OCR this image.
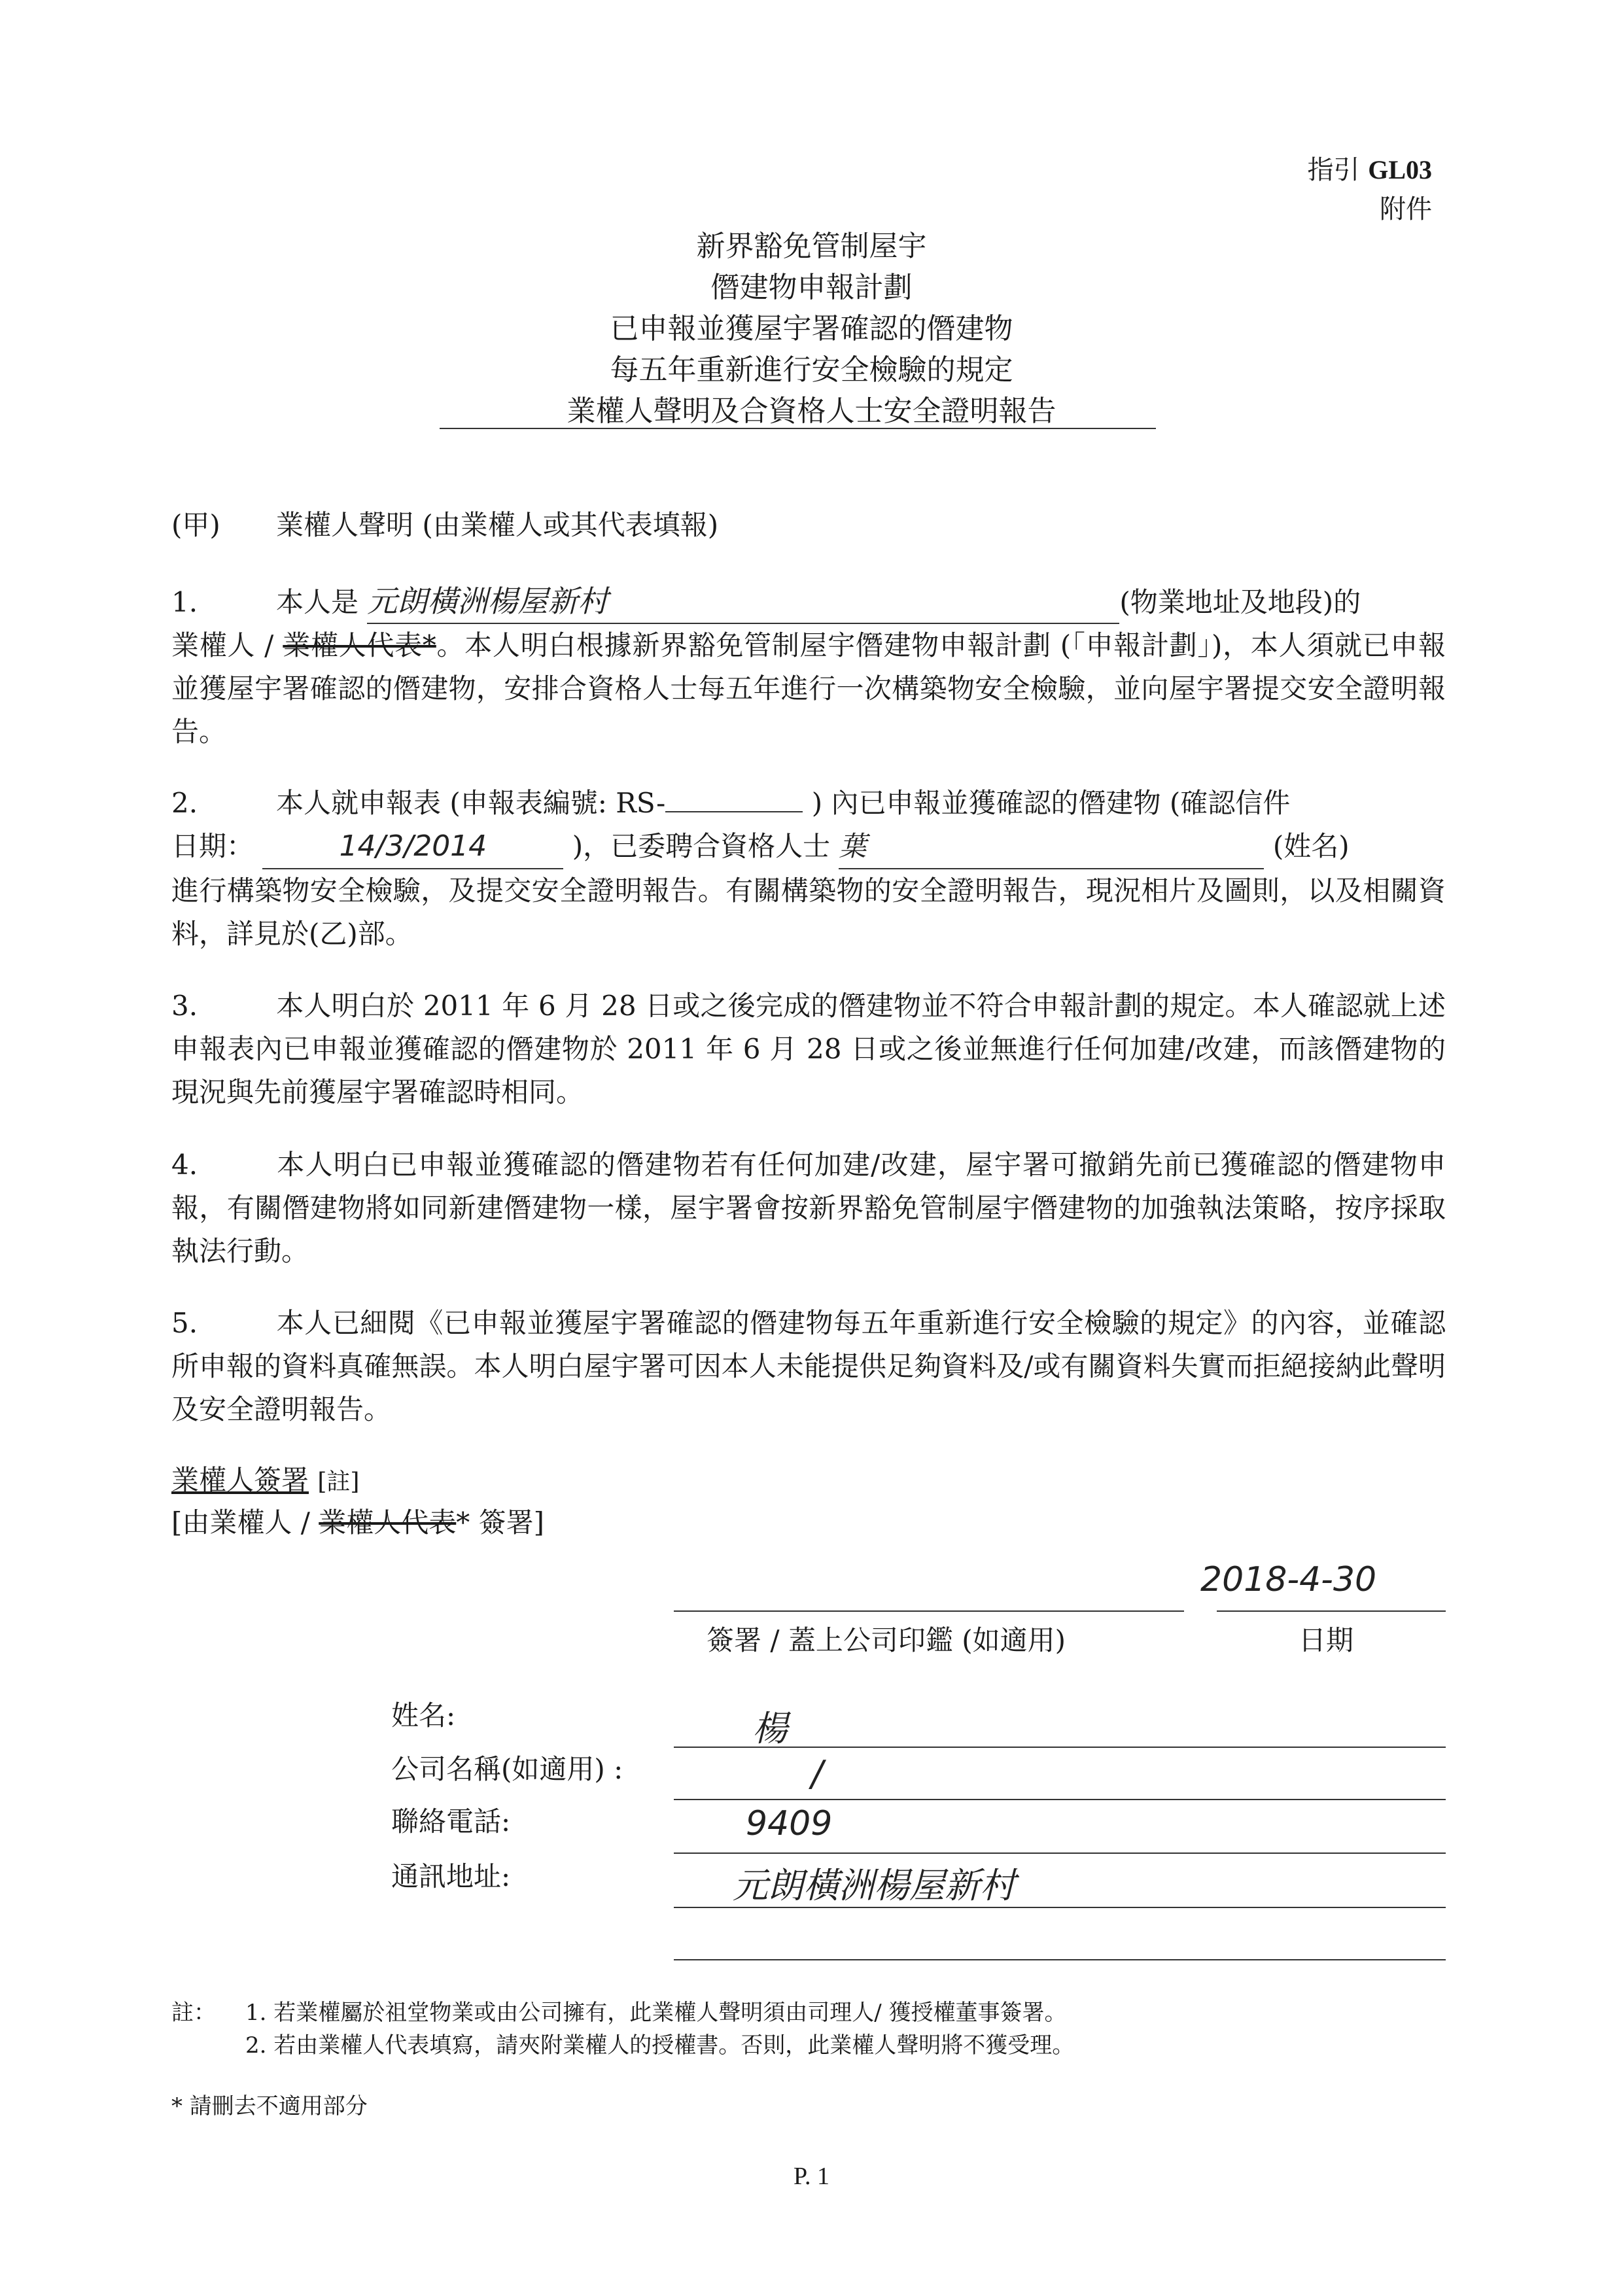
指引 GL03
附件
新界豁免管制屋宇
僭建物申報計劃
已申報並獲屋宇署確認的僭建物
每五年重新進行安全檢驗的規定
業權人聲明及合資格人士安全證明報告
(甲) 業權人聲明 (由業權人或其代表填報)
1.	本人是 元朗橫洲楊屋新村	(物業地址及地段)的
業權人 / 業權人代表*。本人明白根據新界豁免管制屋宇僭建物申報計劃 (「申報計劃」)，本人須就已申報並獲屋宇署確認的僭建物，安排合資格人士每五年進行一次構築物安全檢驗，並向屋宇署提交安全證明報告。
2.	本人就申報表 (申報表編號: RS-	) 內已申報並獲確認的僭建物 (確認信件
日期：	14/3/2014	)，已委聘合資格人士 葉	(姓名)
進行構築物安全檢驗，及提交安全證明報告。有關構築物的安全證明報告，現況相片及圖則，以及相關資料，詳見於(乙)部。
3.	本人明白於 2011 年 6 月 28 日或之後完成的僭建物並不符合申報計劃的規定。本人確認就上述申報表內已申報並獲確認的僭建物於 2011 年 6 月 28 日或之後並無進行任何加建/改建，而該僭建物的現況與先前獲屋宇署確認時相同。
4.	本人明白已申報並獲確認的僭建物若有任何加建/改建，屋宇署可撤銷先前已獲確認的僭建物申報，有關僭建物將如同新建僭建物一樣，屋宇署會按新界豁免管制屋宇僭建物的加強執法策略，按序採取執法行動。
5.	本人已細閱《已申報並獲屋宇署確認的僭建物每五年重新進行安全檢驗的規定》的內容，並確認所申報的資料真確無誤。本人明白屋宇署可因本人未能提供足夠資料及/或有關資料失實而拒絕接納此聲明及安全證明報告。
業權人簽署 [註]
[由業權人 / 業權人代表* 簽署]
2018-4-30
簽署 / 蓋上公司印鑑 (如適用)	日期
姓名:	楊
公司名稱(如適用) :	/
聯絡電話:	9409
通訊地址:	元朗橫洲楊屋新村
註： 1. 若業權屬於祖堂物業或由公司擁有，此業權人聲明須由司理人/ 獲授權董事簽署。
2. 若由業權人代表填寫，請夾附業權人的授權書。否則，此業權人聲明將不獲受理。
* 請刪去不適用部分
P. 1
